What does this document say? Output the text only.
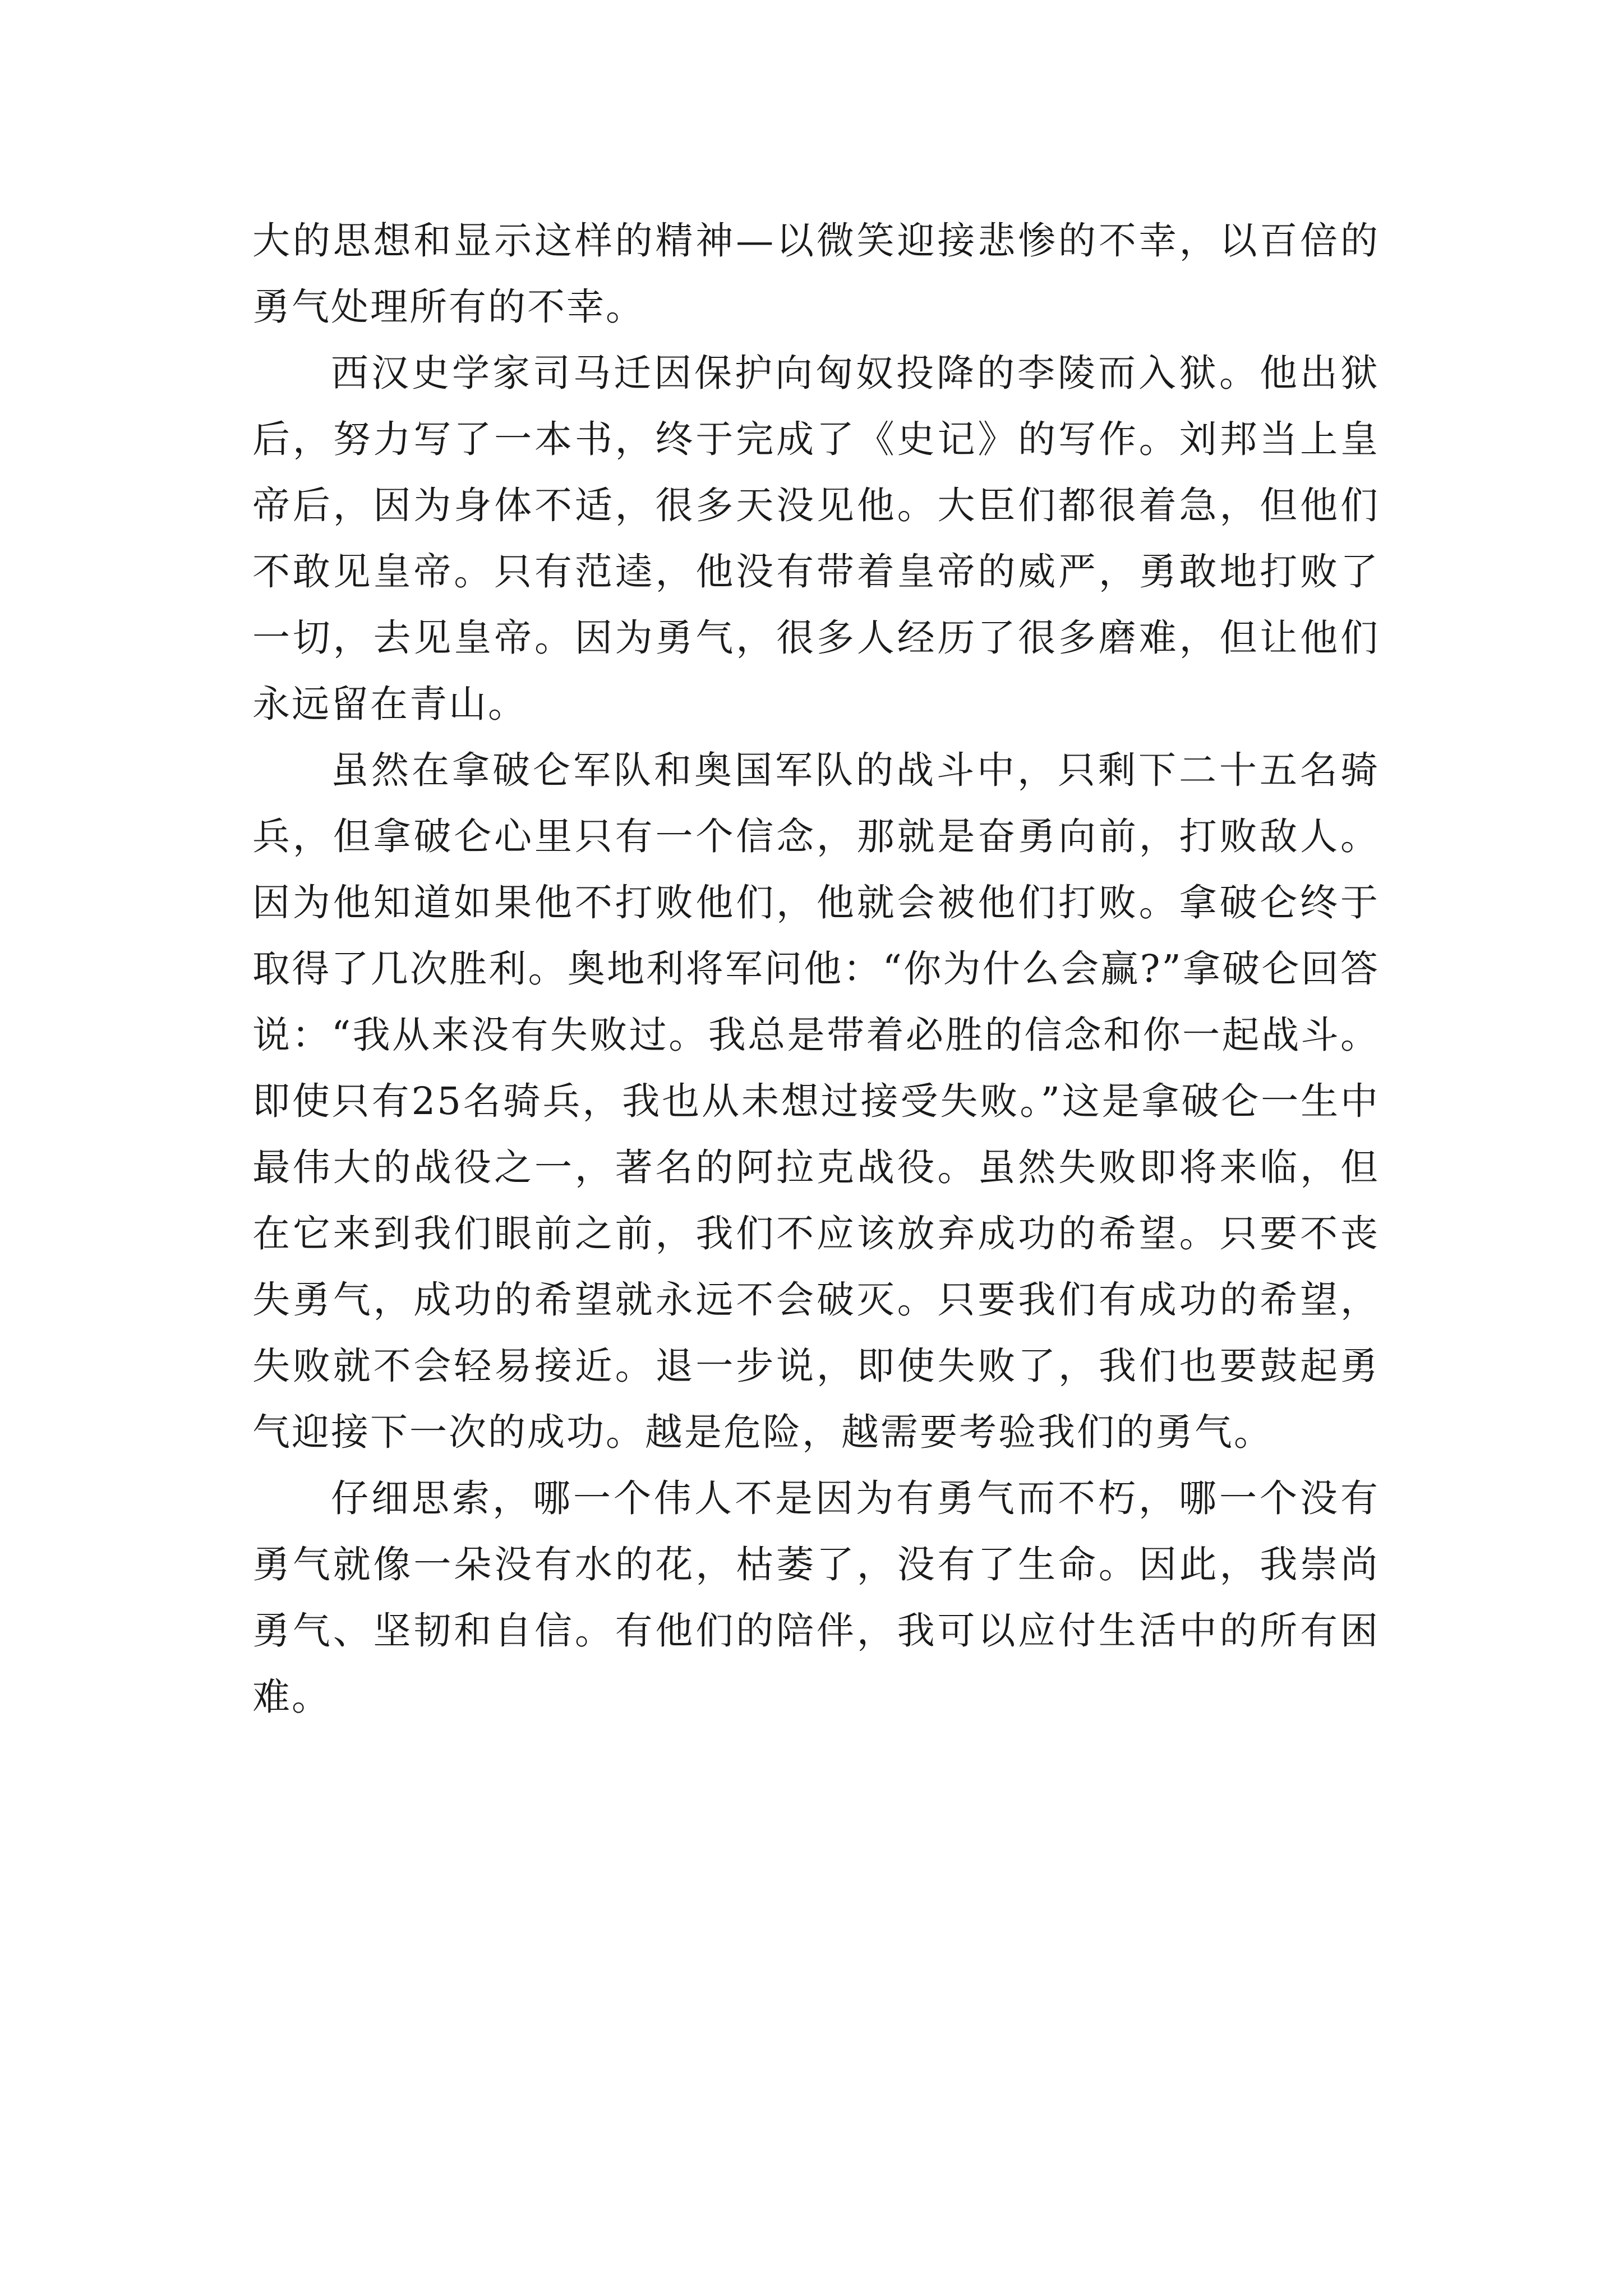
大的思想和显示这样的精神—以微笑迎接悲惨的不幸，以百倍的勇气处理所有的不幸。

西汉史学家司马迁因保护向匈奴投降的李陵而入狱。他出狱后，努力写了一本书，终于完成了《史记》的写作。刘邦当上皇帝后，因为身体不适，很多天没见他。大臣们都很着急，但他们不敢见皇帝。只有范逵，他没有带着皇帝的威严，勇敢地打败了一切，去见皇帝。因为勇气，很多人经历了很多磨难，但让他们永远留在青山。

虽然在拿破仑军队和奥国军队的战斗中，只剩下二十五名骑兵，但拿破仑心里只有一个信念，那就是奋勇向前，打败敌人。因为他知道如果他不打败他们，他就会被他们打败。拿破仑终于取得了几次胜利。奥地利将军问他：“你为什么会赢?”拿破仑回答说：“我从来没有失败过。我总是带着必胜的信念和你一起战斗。即使只有25名骑兵，我也从未想过接受失败。”这是拿破仑一生中最伟大的战役之一，著名的阿拉克战役。虽然失败即将来临，但在它来到我们眼前之前，我们不应该放弃成功的希望。只要不丧失勇气，成功的希望就永远不会破灭。只要我们有成功的希望，失败就不会轻易接近。退一步说，即使失败了，我们也要鼓起勇气迎接下一次的成功。越是危险，越需要考验我们的勇气。

仔细思索，哪一个伟人不是因为有勇气而不朽，哪一个没有勇气就像一朵没有水的花，枯萎了，没有了生命。因此，我崇尚勇气、坚韧和自信。有他们的陪伴，我可以应付生活中的所有困难。
